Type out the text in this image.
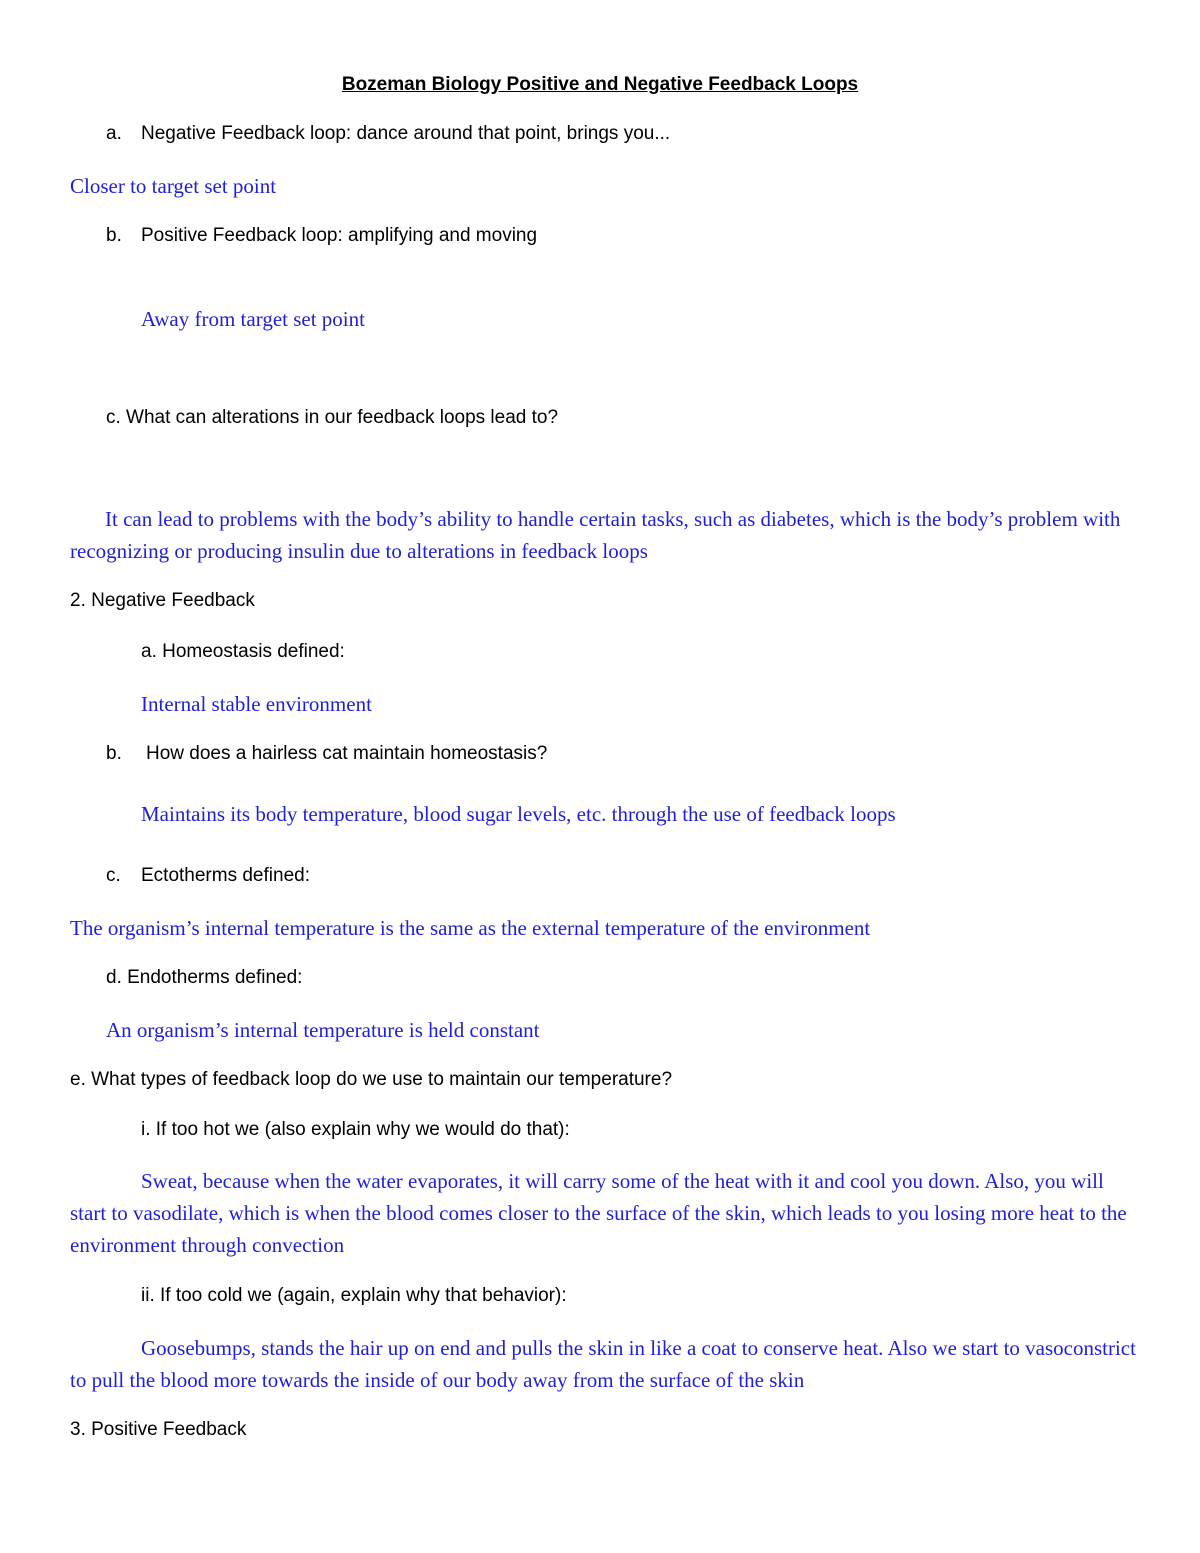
Bozeman Biology Positive and Negative Feedback Loops

a. Negative Feedback loop: dance around that point, brings you...

Closer to target set point

b. Positive Feedback loop: amplifying and moving

Away from target set point

c. What can alterations in our feedback loops lead to?

It can lead to problems with the body’s ability to handle certain tasks, such as diabetes, which is the body’s problem with recognizing or producing insulin due to alterations in feedback loops

2. Negative Feedback

a. Homeostasis defined:

Internal stable environment

b. How does a hairless cat maintain homeostasis?

Maintains its body temperature, blood sugar levels, etc. through the use of feedback loops

c. Ectotherms defined:

The organism’s internal temperature is the same as the external temperature of the environment

d. Endotherms defined:

An organism’s internal temperature is held constant

e. What types of feedback loop do we use to maintain our temperature?

i. If too hot we (also explain why we would do that):

Sweat, because when the water evaporates, it will carry some of the heat with it and cool you down. Also, you will start to vasodilate, which is when the blood comes closer to the surface of the skin, which leads to you losing more heat to the environment through convection

ii. If too cold we (again, explain why that behavior):

Goosebumps, stands the hair up on end and pulls the skin in like a coat to conserve heat. Also we start to vasoconstrict to pull the blood more towards the inside of our body away from the surface of the skin

3. Positive Feedback
